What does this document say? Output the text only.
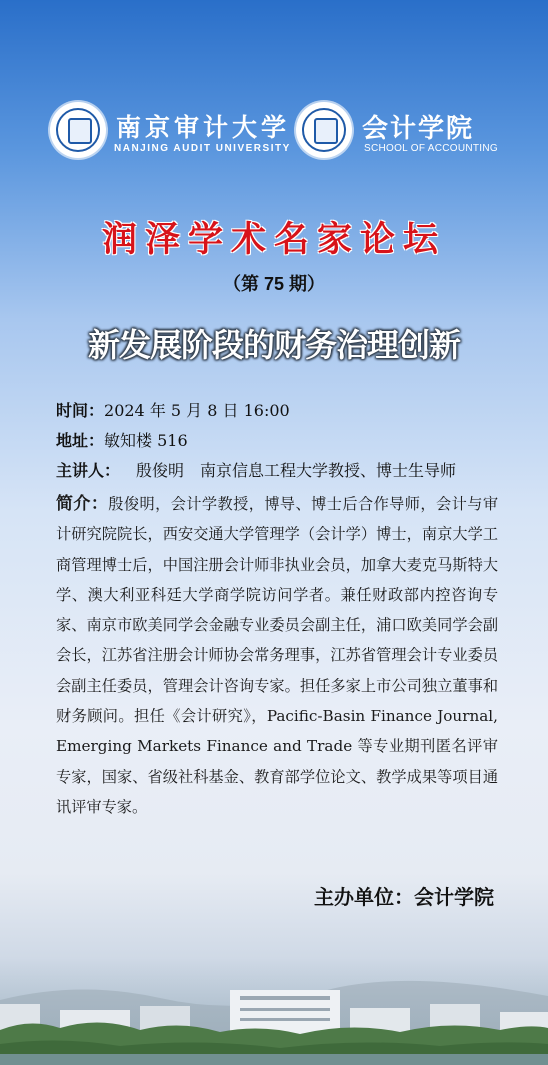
南京审计大学
NANJING AUDIT UNIVERSITY
会计学院
SCHOOL OF ACCOUNTING
润泽学术名家论坛
（第 75 期）
新发展阶段的财务治理创新
时间：2024 年 5 月 8 日 16:00
地址：敏知楼 516
主讲人： 殷俊明 南京信息工程大学教授、博士生导师
简介：殷俊明，会计学教授，博导、博士后合作导师，会计与审计研究院院长，西安交通大学管理学（会计学）博士，南京大学工商管理博士后，中国注册会计师非执业会员，加拿大麦克马斯特大学、澳大利亚科廷大学商学院访问学者。兼任财政部内控咨询专家、南京市欧美同学会金融专业委员会副主任，浦口欧美同学会副会长，江苏省注册会计师协会常务理事，江苏省管理会计专业委员会副主任委员，管理会计咨询专家。担任多家上市公司独立董事和财务顾问。担任《会计研究》，Pacific-Basin Finance Journal, Emerging Markets Finance and Trade 等专业期刊匿名评审专家，国家、省级社科基金、教育部学位论文、教学成果等项目通讯评审专家。
主办单位：会计学院
